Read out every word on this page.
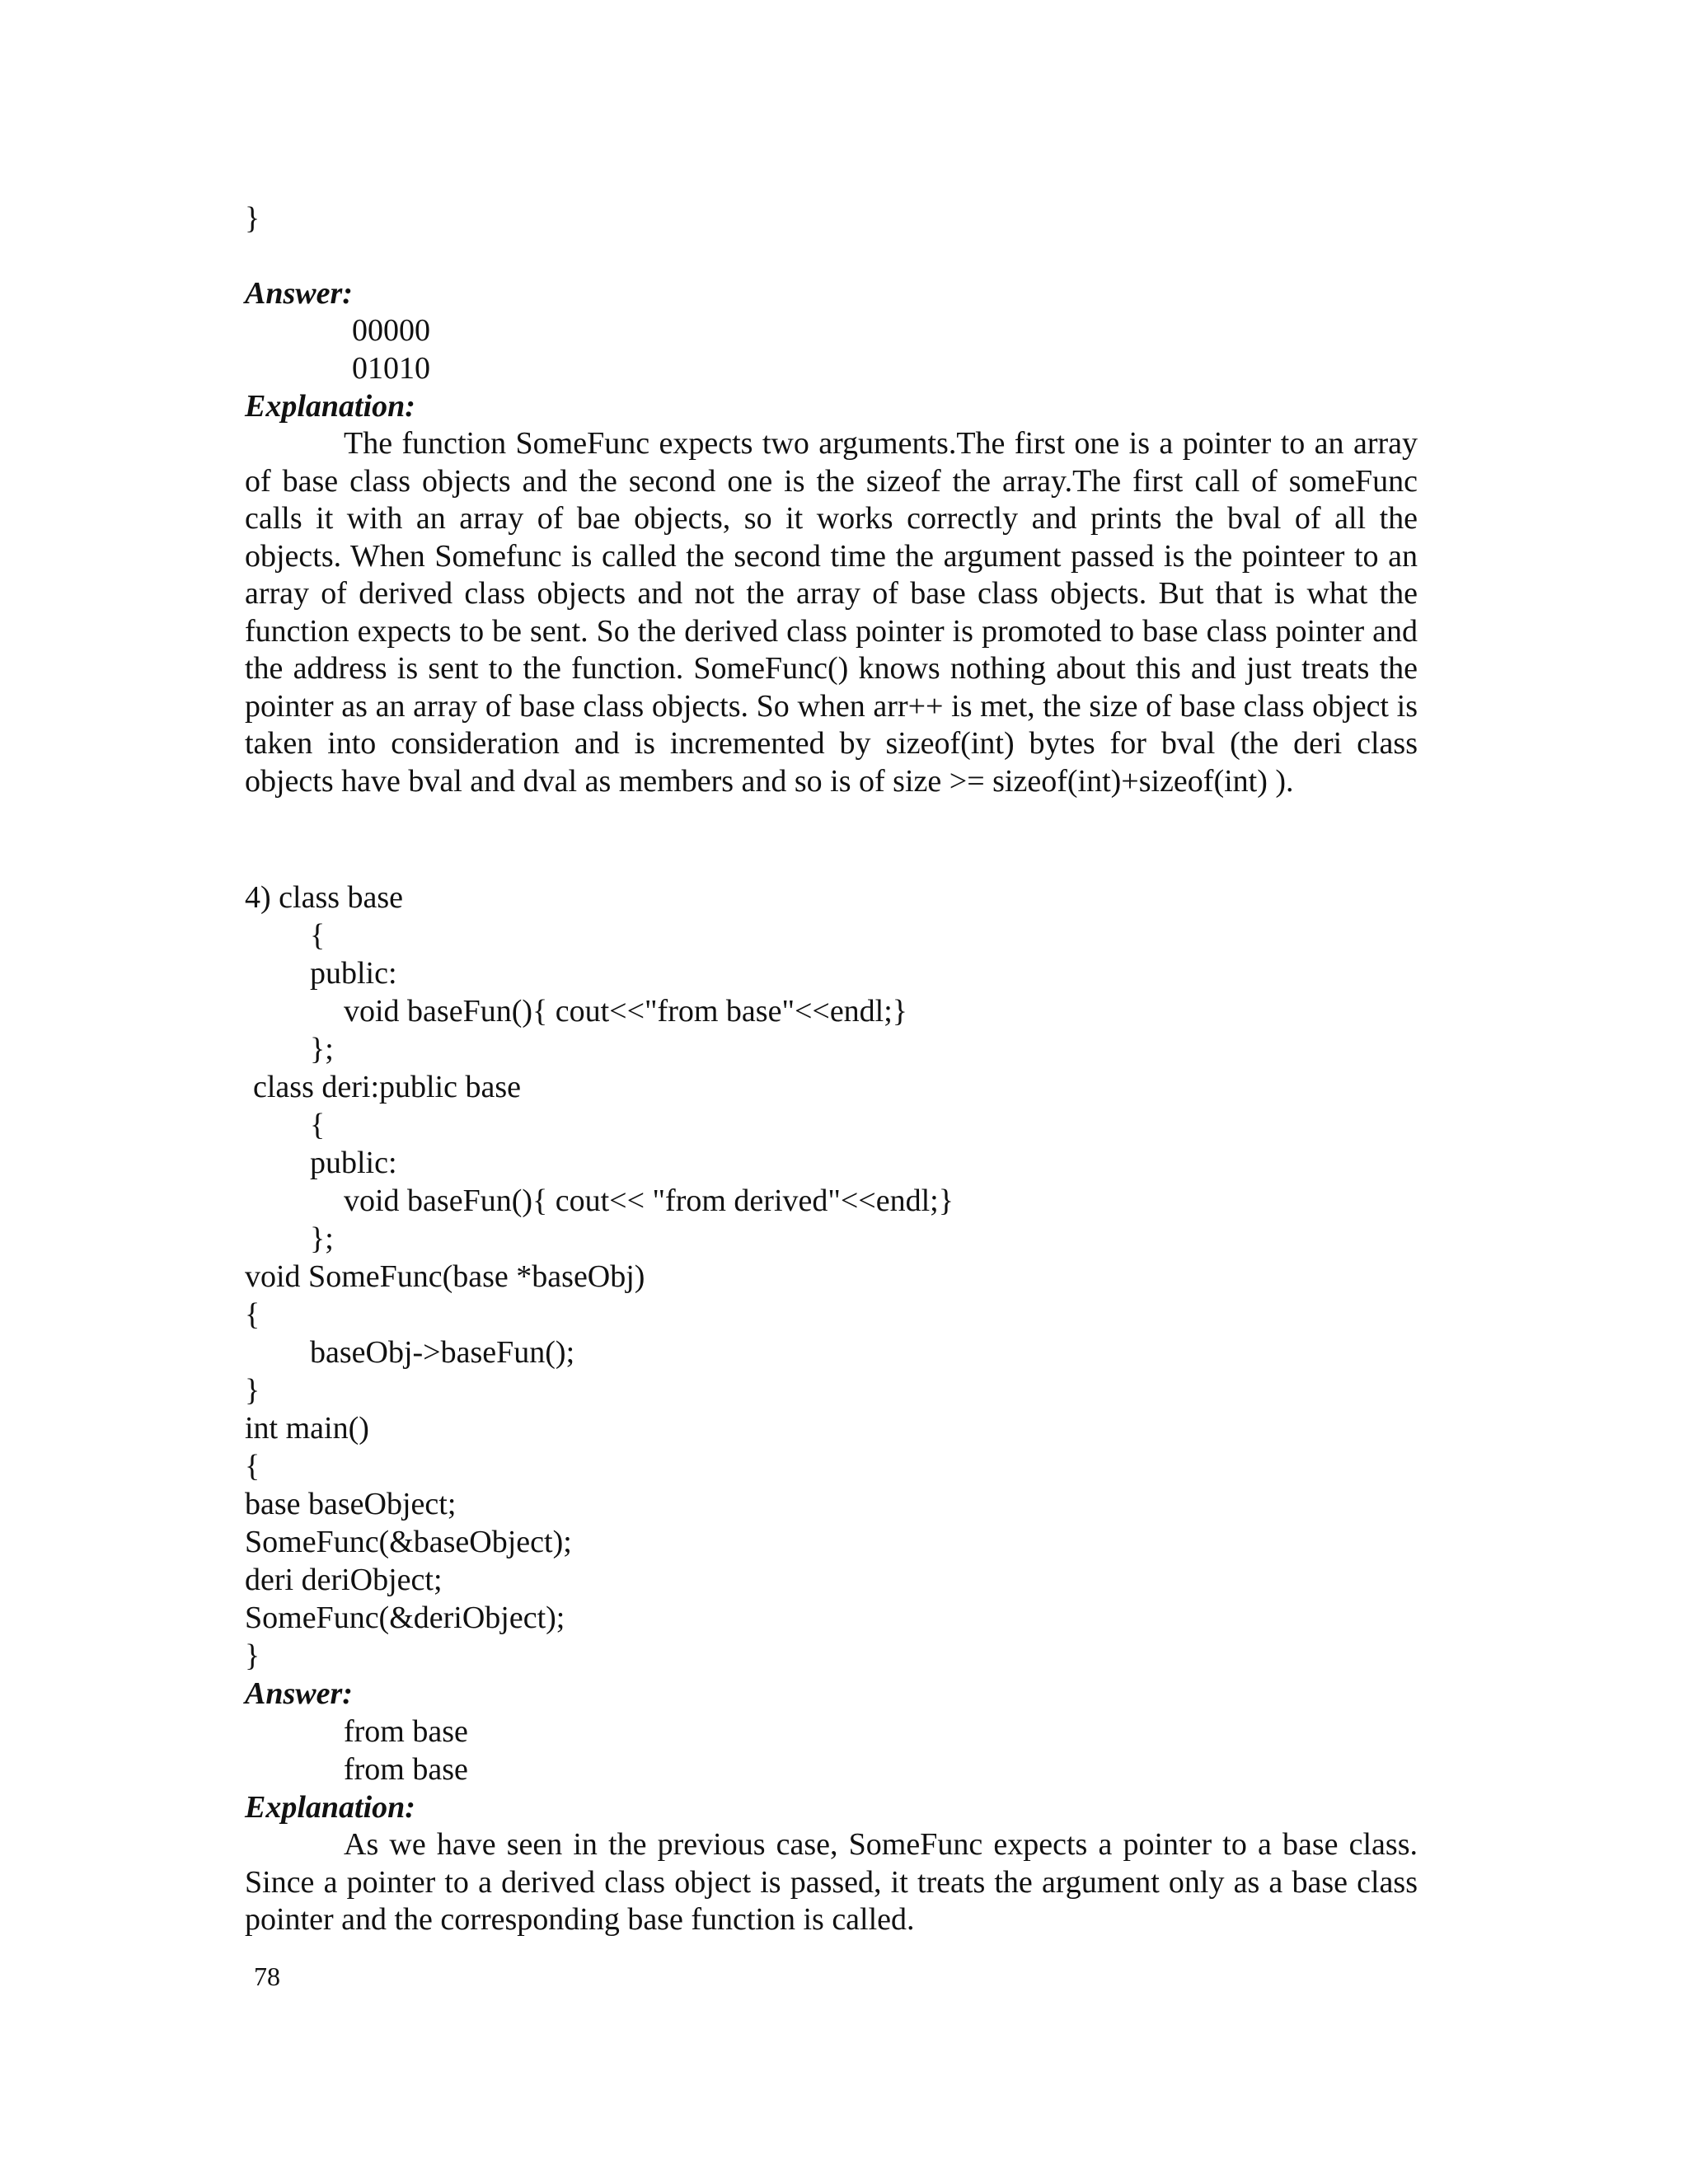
}
Answer:
00000
01010
Explanation:
The function SomeFunc expects two arguments.The first one is a pointer to an array of base class objects and the second one is the sizeof the array.The first call of someFunc calls it with an array of bae objects, so it works correctly and prints the bval of all the objects. When Somefunc is called the second time the argument passed is the pointeer to an array of derived class objects and not the array of base class objects. But that is what the function expects to be sent. So the derived class pointer is promoted to base class pointer and the address is sent to the function. SomeFunc() knows nothing about this and just treats the pointer as an array of base class objects. So when arr++ is met, the size of base class object is taken into consideration and is incremented by sizeof(int) bytes for bval (the deri class objects have bval and dval as members and so is of size >= sizeof(int)+sizeof(int) ).
4) class base
{
public:
void baseFun(){ cout<<"from base"<<endl;}
};
class deri:public base
{
public:
void baseFun(){ cout<< "from derived"<<endl;}
};
void SomeFunc(base *baseObj)
{
baseObj->baseFun();
}
int main()
{
base baseObject;
SomeFunc(&baseObject);
deri deriObject;
SomeFunc(&deriObject);
}
Answer:
from base
from base
Explanation:
As we have seen in the previous case, SomeFunc expects a pointer to a base class. Since a pointer to a derived class object is passed, it treats the argument only as a base class pointer and the corresponding base function is called.
78
